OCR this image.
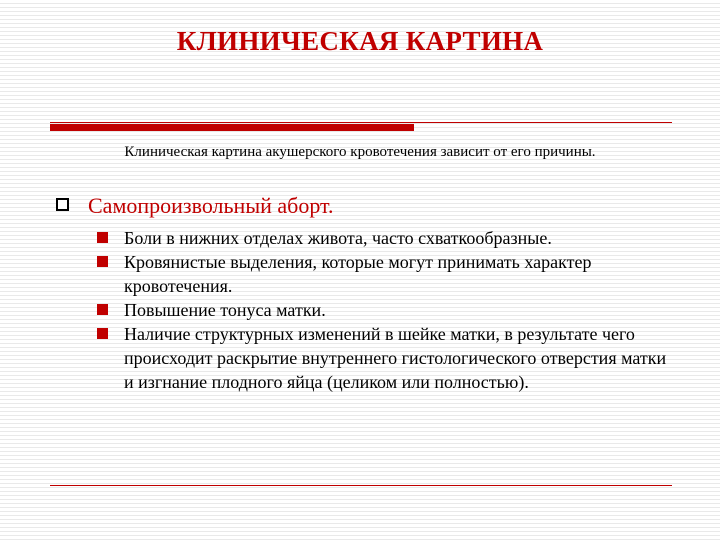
КЛИНИЧЕСКАЯ КАРТИНА
Клиническая картина акушерского кровотечения зависит от его причины.
Самопроизвольный аборт.
Боли в нижних отделах живота, часто схваткообразные.
Кровянистые выделения, которые могут принимать характер кровотечения.
Повышение тонуса матки.
Наличие структурных изменений в шейке матки, в результате чего происходит раскрытие внутреннего гистологического отверстия матки и изгнание плодного яйца (целиком или полностью).
